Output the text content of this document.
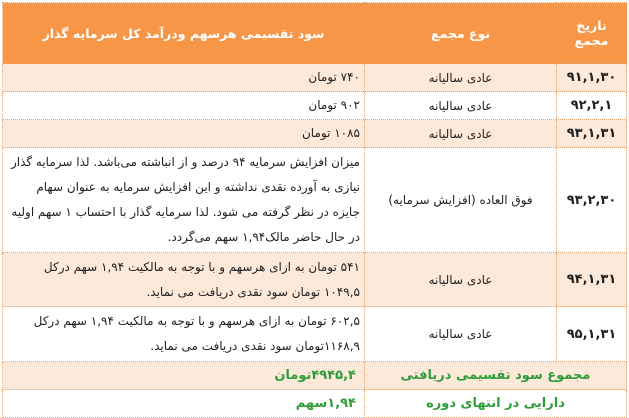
تاریخ مجمع	نوع مجمع	سود تقسیمی هرسهم ودرآمد کل سرمایه گذار
۹۱,۱,۳۰	عادی سالیانه	۷۴۰ تومان
۹۲,۲,۱	عادی سالیانه	۹۰۲ تومان
۹۳,۱,۳۱	عادی سالیانه	۱۰۸۵ تومان
۹۳,۲,۳۰	فوق العاده (افزایش سرمایه)	میزان افزایش سرمایه ۹۴ درصد و از انباشته می‌باشد. لذا سرمایه گذار نیازی به آورده نقدی نداشته و این افزایش سرمایه به عنوان سهام جایزه در نظر گرفته می شود. لذا سرمایه گذار با احتساب ۱ سهم اولیه در حال حاضر مالک۱,۹۴ سهم می‌گردد.
۹۴,۱,۳۱	عادی سالیانه	۵۴۱ تومان به ازای هرسهم و با توجه به مالکیت ۱,۹۴ سهم درکل ۱۰۴۹,۵ تومان سود نقدی دریافت می نماید.
۹۵,۱,۳۱	عادی سالیانه	۶۰۲,۵ تومان به ازای هرسهم و با توجه به مالکیت ۱,۹۴ سهم درکل ۱۱۶۸,۹تومان سود نقدی دریافت می نماید.
مجموع سود تقسیمی دریافتی		۴۹۴۵,۴تومان
دارایی در انتهای دوره		۱,۹۴سهم
